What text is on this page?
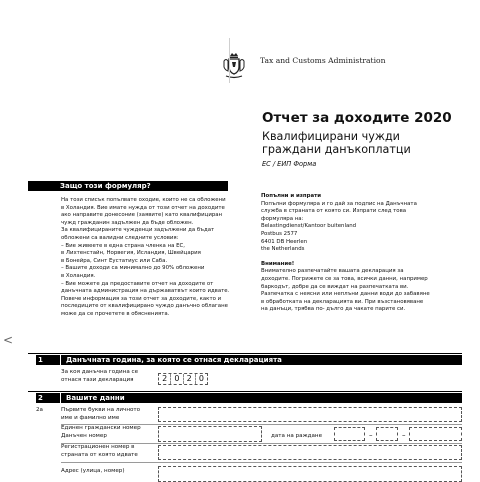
Tax and Customs Administration
Отчет за доходите 2020
Квалифицирани чужди
граждани данъкоплатци
ЕС / ЕИП Форма
Защо този формуляр?

На този списък попълвате оходие, които не са обложени

в Холандия. Вие имате нужда от този отчет на доходите

ако направите донесоние (заявите) като квалифициран

чужд гражданин задължен да бъде обложен.

За квалифицираните чужденци задължени да бъдат

обложени са валидни следните условия:

– Вие живеете в една страна членка на ЕС,

в Лихтенстайн, Норвегия, Исландия, Швейцария

в Бонейра, Синт Еустатиус или Саба.

– Вашите доходи са минимално до 90% обложени

в Холандия.

– Вие можете да предоставите отчет на доходите от

данъчната администрация на държаватвът които идвате.

Повече информация за този отчет за доходите, както и

последиците от квалифицирано чуждо данъчно облагане

може да се прочетете в обясненията.

Попълни и изпрати

Попълни формуляра и го дай за подпис на Данъчната

служба в страната от която си. Изпрати след това

формуляра на:

Belastingdienst/Kantoor buitenland

Postbus 2577

6401 DB Heerlen

the Netherlands

Внимание!

Внимателно разпечатайте вашата декларация за

доходите. Погрижете се за това, всички данни, например

баркодът, добре да се виждат на разпечатката ви.

Разпечатка с неясни или неплъни данни води до забавяне

в обработката на декларацията ви. При възстановяване

на данъци, трябва по- дълго да чакате парите си.

<
1	Данъчната година, за която се отнася декларацията
За коя данъчна година се
отнася тази декларация	2 0 2 0
2	Вашите данни
2a	Първите букви на личното
име и фамилно име
Единен граждански номер
Данъчен номер	дата на раждане	–	–
Регистрационен номер в
страната от която идвате
Адрес (улица, номер)
